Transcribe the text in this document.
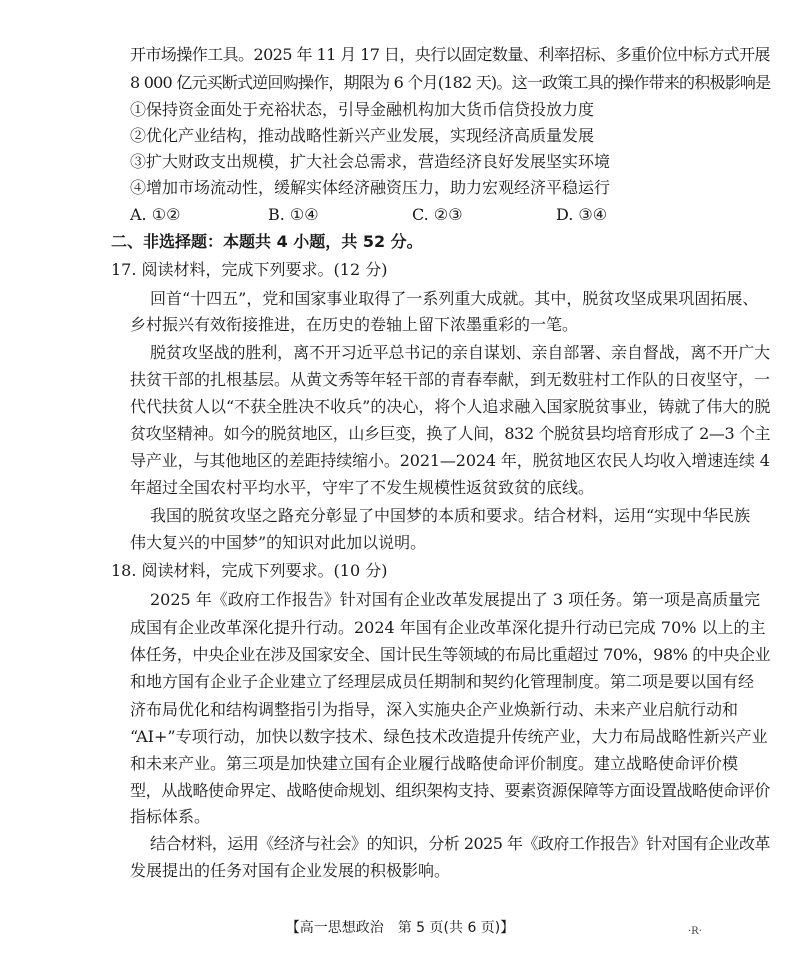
开市场操作工具。2025 年 11 月 17 日，央行以固定数量、利率招标、多重价位中标方式开展
8 000 亿元买断式逆回购操作，期限为 6 个月(182 天)。这一政策工具的操作带来的积极影响是
①保持资金面处于充裕状态，引导金融机构加大货币信贷投放力度
②优化产业结构，推动战略性新兴产业发展，实现经济高质量发展
③扩大财政支出规模，扩大社会总需求，营造经济良好发展坚实环境
④增加市场流动性，缓解实体经济融资压力，助力宏观经济平稳运行
A. ①②	B. ①④	C. ②③	D. ③④
二、非选择题：本题共 4 小题，共 52 分。
17. 阅读材料，完成下列要求。(12 分)
回首“十四五”，党和国家事业取得了一系列重大成就。其中，脱贫攻坚成果巩固拓展、
乡村振兴有效衔接推进，在历史的卷轴上留下浓墨重彩的一笔。
脱贫攻坚战的胜利，离不开习近平总书记的亲自谋划、亲自部署、亲自督战，离不开广大
扶贫干部的扎根基层。从黄文秀等年轻干部的青春奉献，到无数驻村工作队的日夜坚守，一
代代扶贫人以“不获全胜决不收兵”的决心，将个人追求融入国家脱贫事业，铸就了伟大的脱
贫攻坚精神。如今的脱贫地区，山乡巨变，换了人间，832 个脱贫县均培育形成了 2—3 个主
导产业，与其他地区的差距持续缩小。2021—2024 年，脱贫地区农民人均收入增速连续 4
年超过全国农村平均水平，守牢了不发生规模性返贫致贫的底线。
我国的脱贫攻坚之路充分彰显了中国梦的本质和要求。结合材料，运用“实现中华民族
伟大复兴的中国梦”的知识对此加以说明。
18. 阅读材料，完成下列要求。(10 分)
2025 年《政府工作报告》针对国有企业改革发展提出了 3 项任务。第一项是高质量完
成国有企业改革深化提升行动。2024 年国有企业改革深化提升行动已完成 70% 以上的主
体任务，中央企业在涉及国家安全、国计民生等领域的布局比重超过 70%，98% 的中央企业
和地方国有企业子企业建立了经理层成员任期制和契约化管理制度。第二项是要以国有经
济布局优化和结构调整指引为指导，深入实施央企产业焕新行动、未来产业启航行动和
“AI+”专项行动，加快以数字技术、绿色技术改造提升传统产业，大力布局战略性新兴产业
和未来产业。第三项是加快建立国有企业履行战略使命评价制度。建立战略使命评价模
型，从战略使命界定、战略使命规划、组织架构支持、要素资源保障等方面设置战略使命评价
指标体系。
结合材料，运用《经济与社会》的知识，分析 2025 年《政府工作报告》针对国有企业改革
发展提出的任务对国有企业发展的积极影响。
【高一思想政治　第 5 页(共 6 页)】	·R·
